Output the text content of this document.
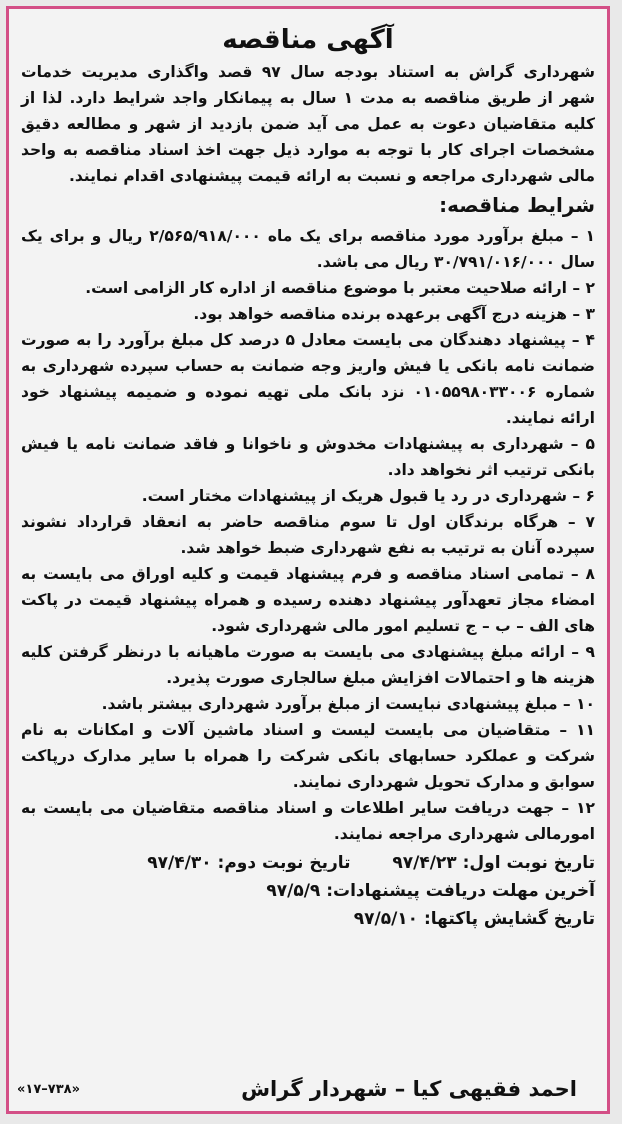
آگهی مناقصه

شهرداری گراش به استناد بودجه سال ۹۷ قصد واگذاری مدیریت خدمات شهر از طریق مناقصه به مدت ۱ سال به پیمانکار واجد شرایط دارد. لذا از کلیه متقاضیان دعوت به عمل می آید ضمن بازدید از شهر و مطالعه دقیق مشخصات اجرای کار با توجه به موارد ذیل جهت اخذ اسناد مناقصه به واحد مالی شهرداری مراجعه و نسبت به ارائه قیمت پیشنهادی اقدام نمایند.

شرایط مناقصه:

۱ – مبلغ برآورد مورد مناقصه برای یک ماه ۲/۵۶۵/۹۱۸/۰۰۰ ریال و برای یک سال ۳۰/۷۹۱/۰۱۶/۰۰۰ ریال می باشد.

۲ – ارائه صلاحیت معتبر با موضوع مناقصه از اداره کار الزامی است.

۳ – هزینه درج آگهی برعهده برنده مناقصه خواهد بود.

۴ – پیشنهاد دهندگان می بایست معادل ۵ درصد کل مبلغ برآورد را به صورت ضمانت نامه بانکی یا فیش واریز وجه ضمانت به حساب سپرده شهرداری به شماره ۰۱۰۵۵۹۸۰۳۳۰۰۶ نزد بانک ملی تهیه نموده و ضمیمه پیشنهاد خود ارائه نمایند.

۵ – شهرداری به پیشنهادات مخدوش و ناخوانا و فاقد ضمانت نامه یا فیش بانکی ترتیب اثر نخواهد داد.

۶ – شهرداری در رد یا قبول هریک از پیشنهادات مختار است.

۷ – هرگاه برندگان اول تا سوم مناقصه حاضر به انعقاد قرارداد نشوند سپرده آنان به ترتیب به نفع شهرداری ضبط خواهد شد.

۸ – تمامی اسناد مناقصه و فرم پیشنهاد قیمت و کلیه اوراق می بایست به امضاء مجاز تعهدآور پیشنهاد دهنده رسیده و همراه پیشنهاد قیمت در پاکت های الف – ب – ج تسلیم امور مالی شهرداری شود.

۹ – ارائه مبلغ پیشنهادی می بایست به صورت ماهیانه با درنظر گرفتن کلیه هزینه ها و احتمالات افزایش مبلغ سالجاری صورت پذیرد.

۱۰ – مبلغ پیشنهادی نبایست از مبلغ برآورد شهرداری بیشتر باشد.

۱۱ – متقاضیان می بایست لیست و اسناد ماشین آلات و امکانات به نام شرکت و عملکرد حسابهای بانکی شرکت را همراه با سایر مدارک درپاکت سوابق و مدارک تحویل شهرداری نمایند.

۱۲ – جهت دریافت سایر اطلاعات و اسناد مناقصه متقاضیان می بایست به امورمالی شهرداری مراجعه نمایند.

تاریخ نوبت اول: ۹۷/۴/۲۳  تاریخ نوبت دوم: ۹۷/۴/۳۰

آخرین مهلت دریافت پیشنهادات: ۹۷/۵/۹

تاریخ گشایش پاکتها: ۹۷/۵/۱۰

احمد فقیهی کیا – شهردار گراش
«۱۷–۷۳۸»
